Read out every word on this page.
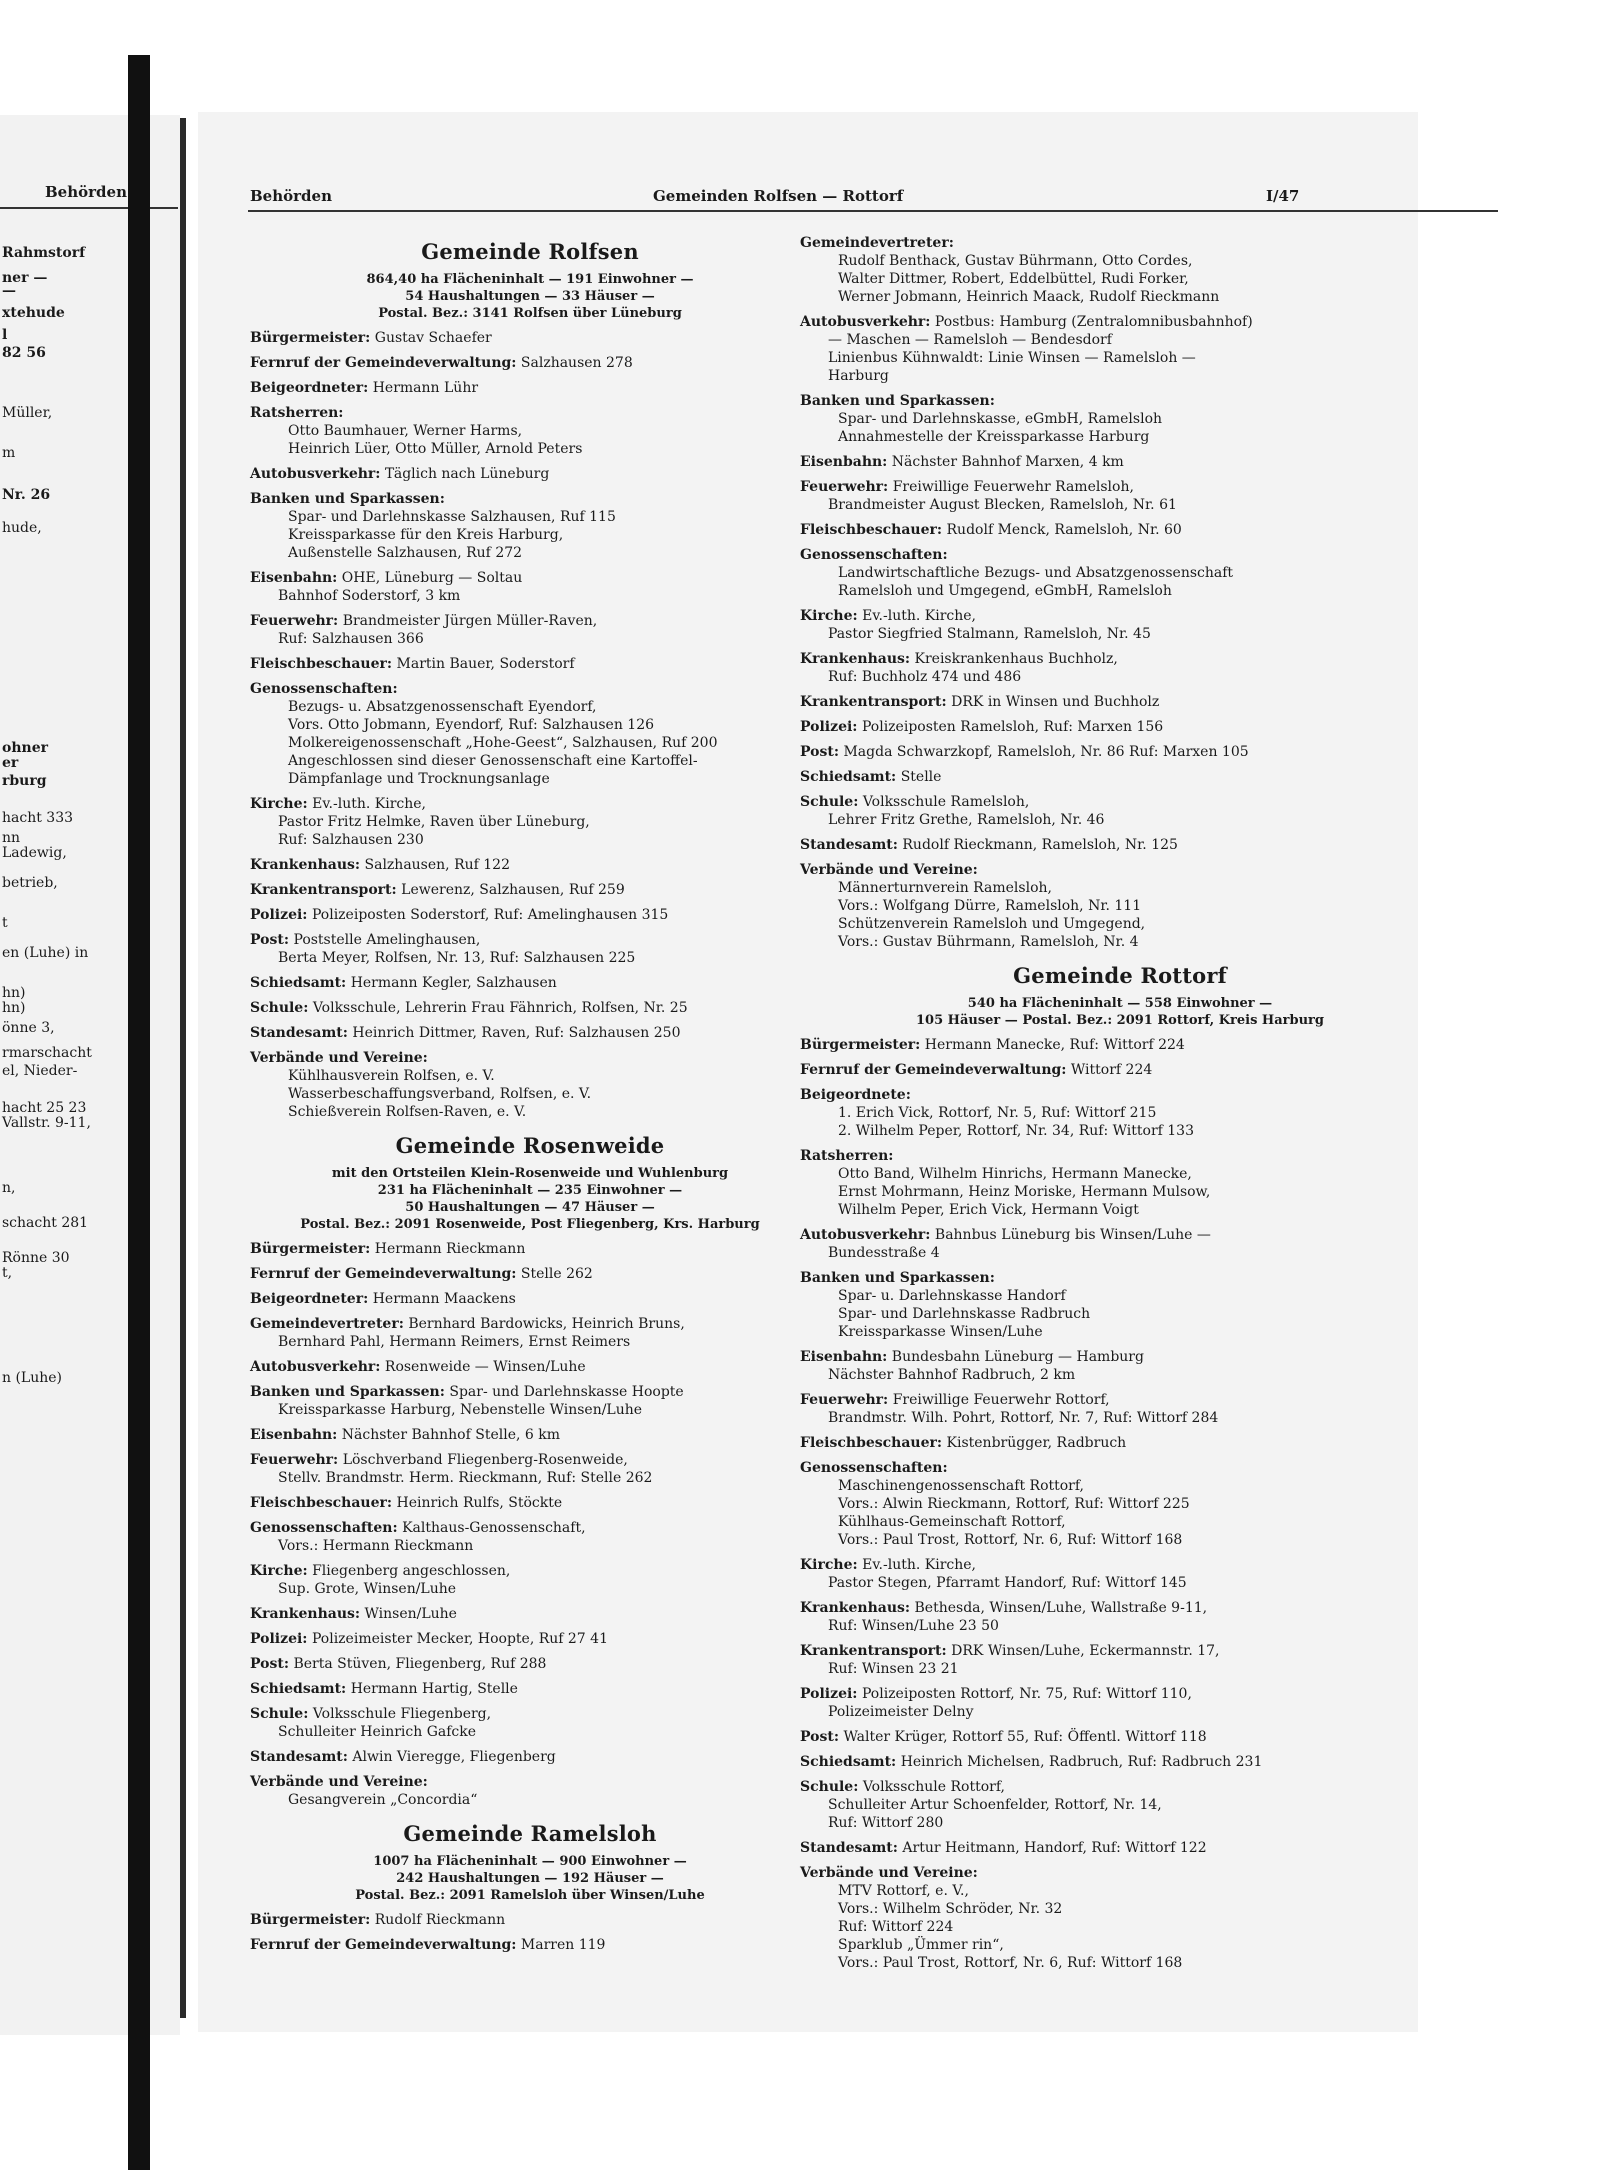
Behörden
Rahmstorf
ner —
—
xtehude
l
82 56
Müller,
m
Nr. 26
hude,
ohner
er
rburg
hacht 333
nn
Ladewig,
betrieb,
t
en (Luhe) in
hn)
hn)
önne 3,
rmarschacht
el, Nieder-
hacht 25 23
Vallstr. 9-11,
n,
schacht 281
Rönne 30
t,
n (Luhe)
Behörden	Gemeinden Rolfsen — Rottorf	I/47
Gemeinde Rolfsen
864,40 ha Flächeninhalt — 191 Einwohner —
54 Haushaltungen — 33 Häuser —
Postal. Bez.: 3141 Rolfsen über Lüneburg
Bürgermeister: Gustav Schaefer
Fernruf der Gemeindeverwaltung: Salzhausen 278
Beigeordneter: Hermann Lühr
Ratsherren:
Otto Baumhauer, Werner Harms,
Heinrich Lüer, Otto Müller, Arnold Peters
Autobusverkehr: Täglich nach Lüneburg
Banken und Sparkassen:
Spar- und Darlehnskasse Salzhausen, Ruf 115
Kreissparkasse für den Kreis Harburg,
Außenstelle Salzhausen, Ruf 272
Eisenbahn: OHE, Lüneburg — Soltau
Bahnhof Soderstorf, 3 km
Feuerwehr: Brandmeister Jürgen Müller-Raven,
Ruf: Salzhausen 366
Fleischbeschauer: Martin Bauer, Soderstorf
Genossenschaften:
Bezugs- u. Absatzgenossenschaft Eyendorf,
Vors. Otto Jobmann, Eyendorf, Ruf: Salzhausen 126
Molkereigenossenschaft „Hohe-Geest“, Salzhausen, Ruf 200
Angeschlossen sind dieser Genossenschaft eine Kartoffel-
Dämpfanlage und Trocknungsanlage
Kirche: Ev.-luth. Kirche,
Pastor Fritz Helmke, Raven über Lüneburg,
Ruf: Salzhausen 230
Krankenhaus: Salzhausen, Ruf 122
Krankentransport: Lewerenz, Salzhausen, Ruf 259
Polizei: Polizeiposten Soderstorf, Ruf: Amelinghausen 315
Post: Poststelle Amelinghausen,
Berta Meyer, Rolfsen, Nr. 13, Ruf: Salzhausen 225
Schiedsamt: Hermann Kegler, Salzhausen
Schule: Volksschule, Lehrerin Frau Fähnrich, Rolfsen, Nr. 25
Standesamt: Heinrich Dittmer, Raven, Ruf: Salzhausen 250
Verbände und Vereine:
Kühlhausverein Rolfsen, e. V.
Wasserbeschaffungsverband, Rolfsen, e. V.
Schießverein Rolfsen-Raven, e. V.
Gemeinde Rosenweide
mit den Ortsteilen Klein-Rosenweide und Wuhlenburg
231 ha Flächeninhalt — 235 Einwohner —
50 Haushaltungen — 47 Häuser —
Postal. Bez.: 2091 Rosenweide, Post Fliegenberg, Krs. Harburg
Bürgermeister: Hermann Rieckmann
Fernruf der Gemeindeverwaltung: Stelle 262
Beigeordneter: Hermann Maackens
Gemeindevertreter: Bernhard Bardowicks, Heinrich Bruns,
Bernhard Pahl, Hermann Reimers, Ernst Reimers
Autobusverkehr: Rosenweide — Winsen/Luhe
Banken und Sparkassen: Spar- und Darlehnskasse Hoopte
Kreissparkasse Harburg, Nebenstelle Winsen/Luhe
Eisenbahn: Nächster Bahnhof Stelle, 6 km
Feuerwehr: Löschverband Fliegenberg-Rosenweide,
Stellv. Brandmstr. Herm. Rieckmann, Ruf: Stelle 262
Fleischbeschauer: Heinrich Rulfs, Stöckte
Genossenschaften: Kalthaus-Genossenschaft,
Vors.: Hermann Rieckmann
Kirche: Fliegenberg angeschlossen,
Sup. Grote, Winsen/Luhe
Krankenhaus: Winsen/Luhe
Polizei: Polizeimeister Mecker, Hoopte, Ruf 27 41
Post: Berta Stüven, Fliegenberg, Ruf 288
Schiedsamt: Hermann Hartig, Stelle
Schule: Volksschule Fliegenberg,
Schulleiter Heinrich Gafcke
Standesamt: Alwin Vieregge, Fliegenberg
Verbände und Vereine:
Gesangverein „Concordia“
Gemeinde Ramelsloh
1007 ha Flächeninhalt — 900 Einwohner —
242 Haushaltungen — 192 Häuser —
Postal. Bez.: 2091 Ramelsloh über Winsen/Luhe
Bürgermeister: Rudolf Rieckmann
Fernruf der Gemeindeverwaltung: Marren 119
Gemeindevertreter:
Rudolf Benthack, Gustav Bührmann, Otto Cordes,
Walter Dittmer, Robert, Eddelbüttel, Rudi Forker,
Werner Jobmann, Heinrich Maack, Rudolf Rieckmann
Autobusverkehr: Postbus: Hamburg (Zentralomnibusbahnhof)
— Maschen — Ramelsloh — Bendesdorf
Linienbus Kühnwaldt: Linie Winsen — Ramelsloh —
Harburg
Banken und Sparkassen:
Spar- und Darlehnskasse, eGmbH, Ramelsloh
Annahmestelle der Kreissparkasse Harburg
Eisenbahn: Nächster Bahnhof Marxen, 4 km
Feuerwehr: Freiwillige Feuerwehr Ramelsloh,
Brandmeister August Blecken, Ramelsloh, Nr. 61
Fleischbeschauer: Rudolf Menck, Ramelsloh, Nr. 60
Genossenschaften:
Landwirtschaftliche Bezugs- und Absatzgenossenschaft
Ramelsloh und Umgegend, eGmbH, Ramelsloh
Kirche: Ev.-luth. Kirche,
Pastor Siegfried Stalmann, Ramelsloh, Nr. 45
Krankenhaus: Kreiskrankenhaus Buchholz,
Ruf: Buchholz 474 und 486
Krankentransport: DRK in Winsen und Buchholz
Polizei: Polizeiposten Ramelsloh, Ruf: Marxen 156
Post: Magda Schwarzkopf, Ramelsloh, Nr. 86 Ruf: Marxen 105
Schiedsamt: Stelle
Schule: Volksschule Ramelsloh,
Lehrer Fritz Grethe, Ramelsloh, Nr. 46
Standesamt: Rudolf Rieckmann, Ramelsloh, Nr. 125
Verbände und Vereine:
Männerturnverein Ramelsloh,
Vors.: Wolfgang Dürre, Ramelsloh, Nr. 111
Schützenverein Ramelsloh und Umgegend,
Vors.: Gustav Bührmann, Ramelsloh, Nr. 4
Gemeinde Rottorf
540 ha Flächeninhalt — 558 Einwohner —
105 Häuser — Postal. Bez.: 2091 Rottorf, Kreis Harburg
Bürgermeister: Hermann Manecke, Ruf: Wittorf 224
Fernruf der Gemeindeverwaltung: Wittorf 224
Beigeordnete:
1. Erich Vick, Rottorf, Nr. 5, Ruf: Wittorf 215
2. Wilhelm Peper, Rottorf, Nr. 34, Ruf: Wittorf 133
Ratsherren:
Otto Band, Wilhelm Hinrichs, Hermann Manecke,
Ernst Mohrmann, Heinz Moriske, Hermann Mulsow,
Wilhelm Peper, Erich Vick, Hermann Voigt
Autobusverkehr: Bahnbus Lüneburg bis Winsen/Luhe —
Bundesstraße 4
Banken und Sparkassen:
Spar- u. Darlehnskasse Handorf
Spar- und Darlehnskasse Radbruch
Kreissparkasse Winsen/Luhe
Eisenbahn: Bundesbahn Lüneburg — Hamburg
Nächster Bahnhof Radbruch, 2 km
Feuerwehr: Freiwillige Feuerwehr Rottorf,
Brandmstr. Wilh. Pohrt, Rottorf, Nr. 7, Ruf: Wittorf 284
Fleischbeschauer: Kistenbrügger, Radbruch
Genossenschaften:
Maschinengenossenschaft Rottorf,
Vors.: Alwin Rieckmann, Rottorf, Ruf: Wittorf 225
Kühlhaus-Gemeinschaft Rottorf,
Vors.: Paul Trost, Rottorf, Nr. 6, Ruf: Wittorf 168
Kirche: Ev.-luth. Kirche,
Pastor Stegen, Pfarramt Handorf, Ruf: Wittorf 145
Krankenhaus: Bethesda, Winsen/Luhe, Wallstraße 9-11,
Ruf: Winsen/Luhe 23 50
Krankentransport: DRK Winsen/Luhe, Eckermannstr. 17,
Ruf: Winsen 23 21
Polizei: Polizeiposten Rottorf, Nr. 75, Ruf: Wittorf 110,
Polizeimeister Delny
Post: Walter Krüger, Rottorf 55, Ruf: Öffentl. Wittorf 118
Schiedsamt: Heinrich Michelsen, Radbruch, Ruf: Radbruch 231
Schule: Volksschule Rottorf,
Schulleiter Artur Schoenfelder, Rottorf, Nr. 14,
Ruf: Wittorf 280
Standesamt: Artur Heitmann, Handorf, Ruf: Wittorf 122
Verbände und Vereine:
MTV Rottorf, e. V.,
Vors.: Wilhelm Schröder, Nr. 32
Ruf: Wittorf 224
Sparklub „Ümmer rin“,
Vors.: Paul Trost, Rottorf, Nr. 6, Ruf: Wittorf 168
